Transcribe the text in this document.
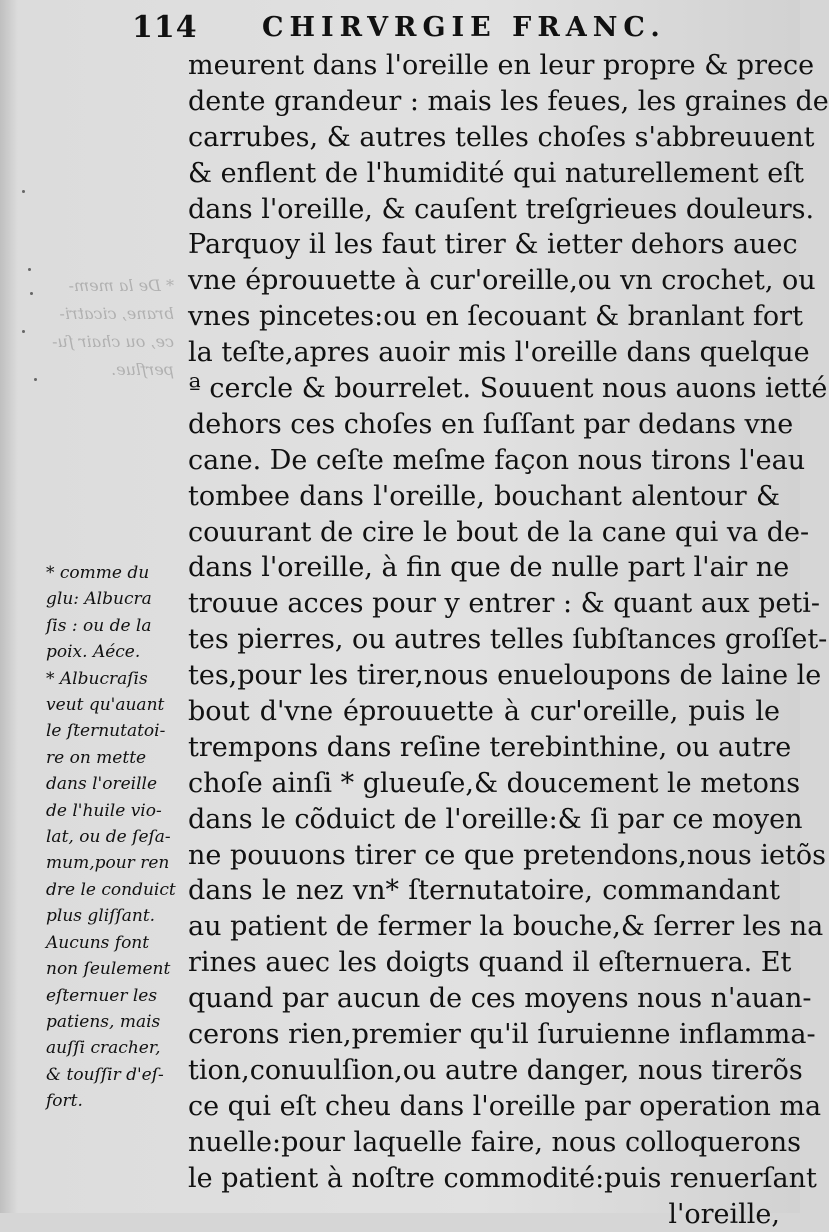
* De la mem-
brane, cicatri-
ce, ou chair ſu-
perflue.
114 CHIRVRGIE FRANC.
meurent dans l'oreille en leur propre & prece
dente grandeur : mais les feues, les graines de
carrubes, & autres telles choſes s'abbreuuent
& enflent de l'humidité qui naturellement eſt
dans l'oreille, & cauſent treſgrieues douleurs.
Parquoy il les faut tirer & ietter dehors auec
vne éprouuette à cur'oreille,ou vn crochet, ou
vnes pincetes:ou en ſecouant & branlant fort
la teſte,apres auoir mis l'oreille dans quelque
ª cercle & bourrelet. Souuent nous auons ietté
dehors ces choſes en ſuſſant par dedans vne
cane. De ceſte meſme façon nous tirons l'eau
tombee dans l'oreille, bouchant alentour &
couurant de cire le bout de la cane qui va de-
dans l'oreille, à fin que de nulle part l'air ne
trouue acces pour y entrer : & quant aux peti-
tes pierres, ou autres telles ſubſtances groſſet-
tes,pour les tirer,nous enueloupons de laine le
bout d'vne éprouuette à cur'oreille, puis le
trempons dans reſine terebinthine, ou autre
choſe ainſi * glueuſe,& doucement le metons
dans le cõduict de l'oreille:& ſi par ce moyen
ne pouuons tirer ce que pretendons,nous ietõs
dans le nez vn* ſternutatoire, commandant
au patient de fermer la bouche,& ſerrer les na
rines auec les doigts quand il eſternuera. Et
quand par aucun de ces moyens nous n'auan-
cerons rien,premier qu'il ſuruienne inflamma-
tion,conuulſion,ou autre danger, nous tirerõs
ce qui eſt cheu dans l'oreille par operation ma
nuelle:pour laquelle faire, nous colloquerons
le patient à noſtre commodité:puis renuerſant
l'oreille,
* comme du
glu: Albucra
ſis : ou de la
poix. Aéce.
* Albucraſis
veut qu'auant
le ſternutatoi-
re on mette
dans l'oreille
de l'huile vio-
lat, ou de ſeſa-
mum,pour ren
dre le conduict
plus gliſſant.
Aucuns font
non ſeulement
eſternuer les
patiens, mais
auſſi cracher,
& touſſir d'eſ-
fort.
